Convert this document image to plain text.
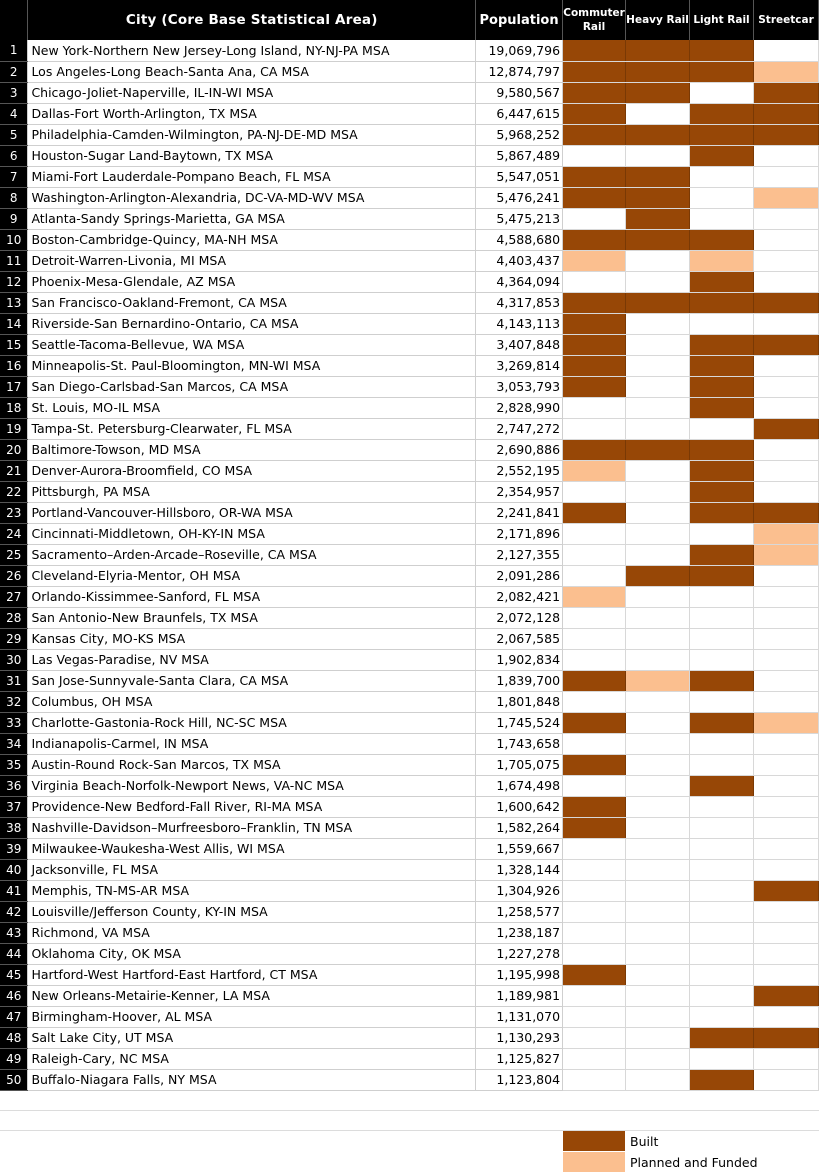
	City (Core Base Statistical Area)	Population	Commuter Rail	Heavy Rail	Light Rail	Streetcar
1	New York-Northern New Jersey-Long Island, NY-NJ-PA MSA	19,069,796				
2	Los Angeles-Long Beach-Santa Ana, CA MSA	12,874,797				
3	Chicago-Joliet-Naperville, IL-IN-WI MSA	9,580,567				
4	Dallas-Fort Worth-Arlington, TX MSA	6,447,615				
5	Philadelphia-Camden-Wilmington, PA-NJ-DE-MD MSA	5,968,252				
6	Houston-Sugar Land-Baytown, TX MSA	5,867,489				
7	Miami-Fort Lauderdale-Pompano Beach, FL MSA	5,547,051				
8	Washington-Arlington-Alexandria, DC-VA-MD-WV MSA	5,476,241				
9	Atlanta-Sandy Springs-Marietta, GA MSA	5,475,213				
10	Boston-Cambridge-Quincy, MA-NH MSA	4,588,680				
11	Detroit-Warren-Livonia, MI MSA	4,403,437				
12	Phoenix-Mesa-Glendale, AZ MSA	4,364,094				
13	San Francisco-Oakland-Fremont, CA MSA	4,317,853				
14	Riverside-San Bernardino-Ontario, CA MSA	4,143,113				
15	Seattle-Tacoma-Bellevue, WA MSA	3,407,848				
16	Minneapolis-St. Paul-Bloomington, MN-WI MSA	3,269,814				
17	San Diego-Carlsbad-San Marcos, CA MSA	3,053,793				
18	St. Louis, MO-IL MSA	2,828,990				
19	Tampa-St. Petersburg-Clearwater, FL MSA	2,747,272				
20	Baltimore-Towson, MD MSA	2,690,886				
21	Denver-Aurora-Broomfield, CO MSA	2,552,195				
22	Pittsburgh, PA MSA	2,354,957				
23	Portland-Vancouver-Hillsboro, OR-WA MSA	2,241,841				
24	Cincinnati-Middletown, OH-KY-IN MSA	2,171,896				
25	Sacramento–Arden-Arcade–Roseville, CA MSA	2,127,355				
26	Cleveland-Elyria-Mentor, OH MSA	2,091,286				
27	Orlando-Kissimmee-Sanford, FL MSA	2,082,421				
28	San Antonio-New Braunfels, TX MSA	2,072,128				
29	Kansas City, MO-KS MSA	2,067,585				
30	Las Vegas-Paradise, NV MSA	1,902,834				
31	San Jose-Sunnyvale-Santa Clara, CA MSA	1,839,700				
32	Columbus, OH MSA	1,801,848				
33	Charlotte-Gastonia-Rock Hill, NC-SC MSA	1,745,524				
34	Indianapolis-Carmel, IN MSA	1,743,658				
35	Austin-Round Rock-San Marcos, TX MSA	1,705,075				
36	Virginia Beach-Norfolk-Newport News, VA-NC MSA	1,674,498				
37	Providence-New Bedford-Fall River, RI-MA MSA	1,600,642				
38	Nashville-Davidson–Murfreesboro–Franklin, TN MSA	1,582,264				
39	Milwaukee-Waukesha-West Allis, WI MSA	1,559,667				
40	Jacksonville, FL MSA	1,328,144				
41	Memphis, TN-MS-AR MSA	1,304,926				
42	Louisville/Jefferson County, KY-IN MSA	1,258,577				
43	Richmond, VA MSA	1,238,187				
44	Oklahoma City, OK MSA	1,227,278				
45	Hartford-West Hartford-East Hartford, CT MSA	1,195,998				
46	New Orleans-Metairie-Kenner, LA MSA	1,189,981				
47	Birmingham-Hoover, AL MSA	1,131,070				
48	Salt Lake City, UT MSA	1,130,293				
49	Raleigh-Cary, NC MSA	1,125,827				
50	Buffalo-Niagara Falls, NY MSA	1,123,804				
Built
Planned and Funded
